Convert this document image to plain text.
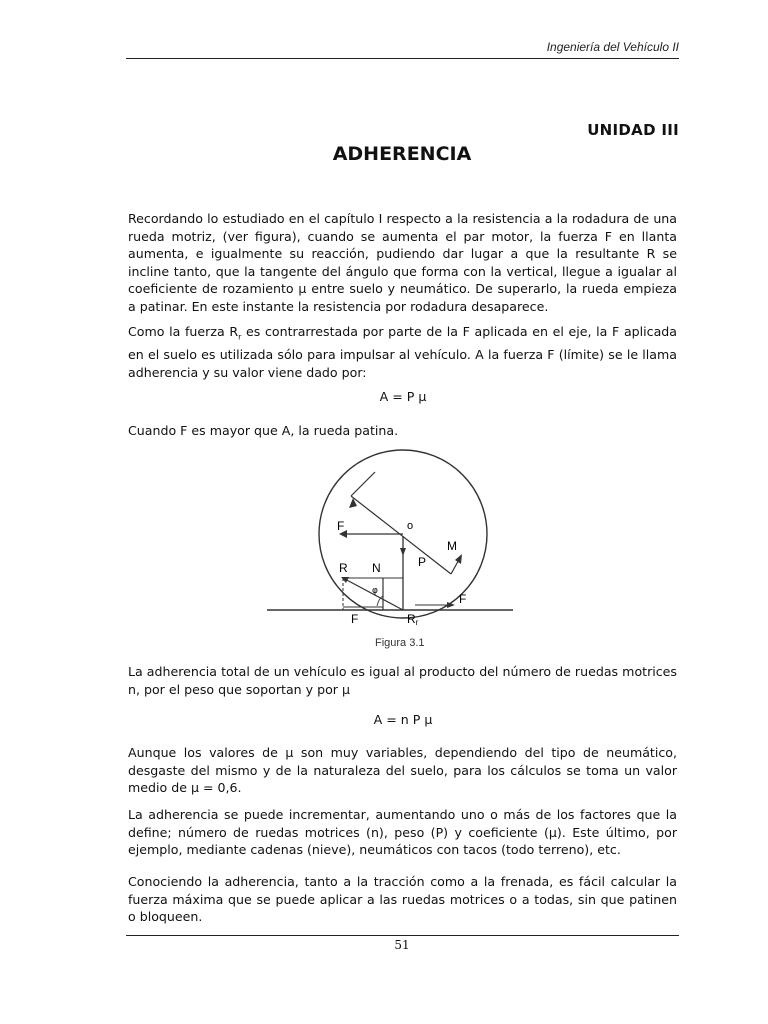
Ingeniería del Vehículo II
UNIDAD III
ADHERENCIA

Recordando lo estudiado en el capítulo I respecto a la resistencia a la rodadura de una rueda motriz, (ver figura), cuando se aumenta el par motor, la fuerza F en llanta aumenta, e igualmente su reacción, pudiendo dar lugar a que la resultante R se incline tanto, que la tangente del ángulo que forma con la vertical, llegue a igualar al coeficiente de rozamiento μ entre suelo y neumático. De superarlo, la rueda empieza a patinar. En este instante la resistencia por rodadura desaparece.

Como la fuerza $R_r$ es contrarrestada por parte de la F aplicada en el eje, la F aplicada en el suelo es utilizada sólo para impulsar al vehículo. A la fuerza F (límite) se le llama adherencia y su valor viene dado por:

A = P μ

Cuando F es mayor que A, la rueda patina.

F	o
M
P
R N
φ
F
F
Rr
Figura 3.1

La adherencia total de un vehículo es igual al producto del número de ruedas motrices n, por el peso que soportan y por μ

A = n P μ

Aunque los valores de μ son muy variables, dependiendo del tipo de neumático, desgaste del mismo y de la naturaleza del suelo, para los cálculos se toma un valor medio de μ = 0,6.

La adherencia se puede incrementar, aumentando uno o más de los factores que la define; número de ruedas motrices (n), peso (P) y coeficiente (μ). Este último, por ejemplo, mediante cadenas (nieve), neumáticos con tacos (todo terreno), etc.

Conociendo la adherencia, tanto a la tracción como a la frenada, es fácil calcular la fuerza máxima que se puede aplicar a las ruedas motrices o a todas, sin que patinen o bloqueen.

51
